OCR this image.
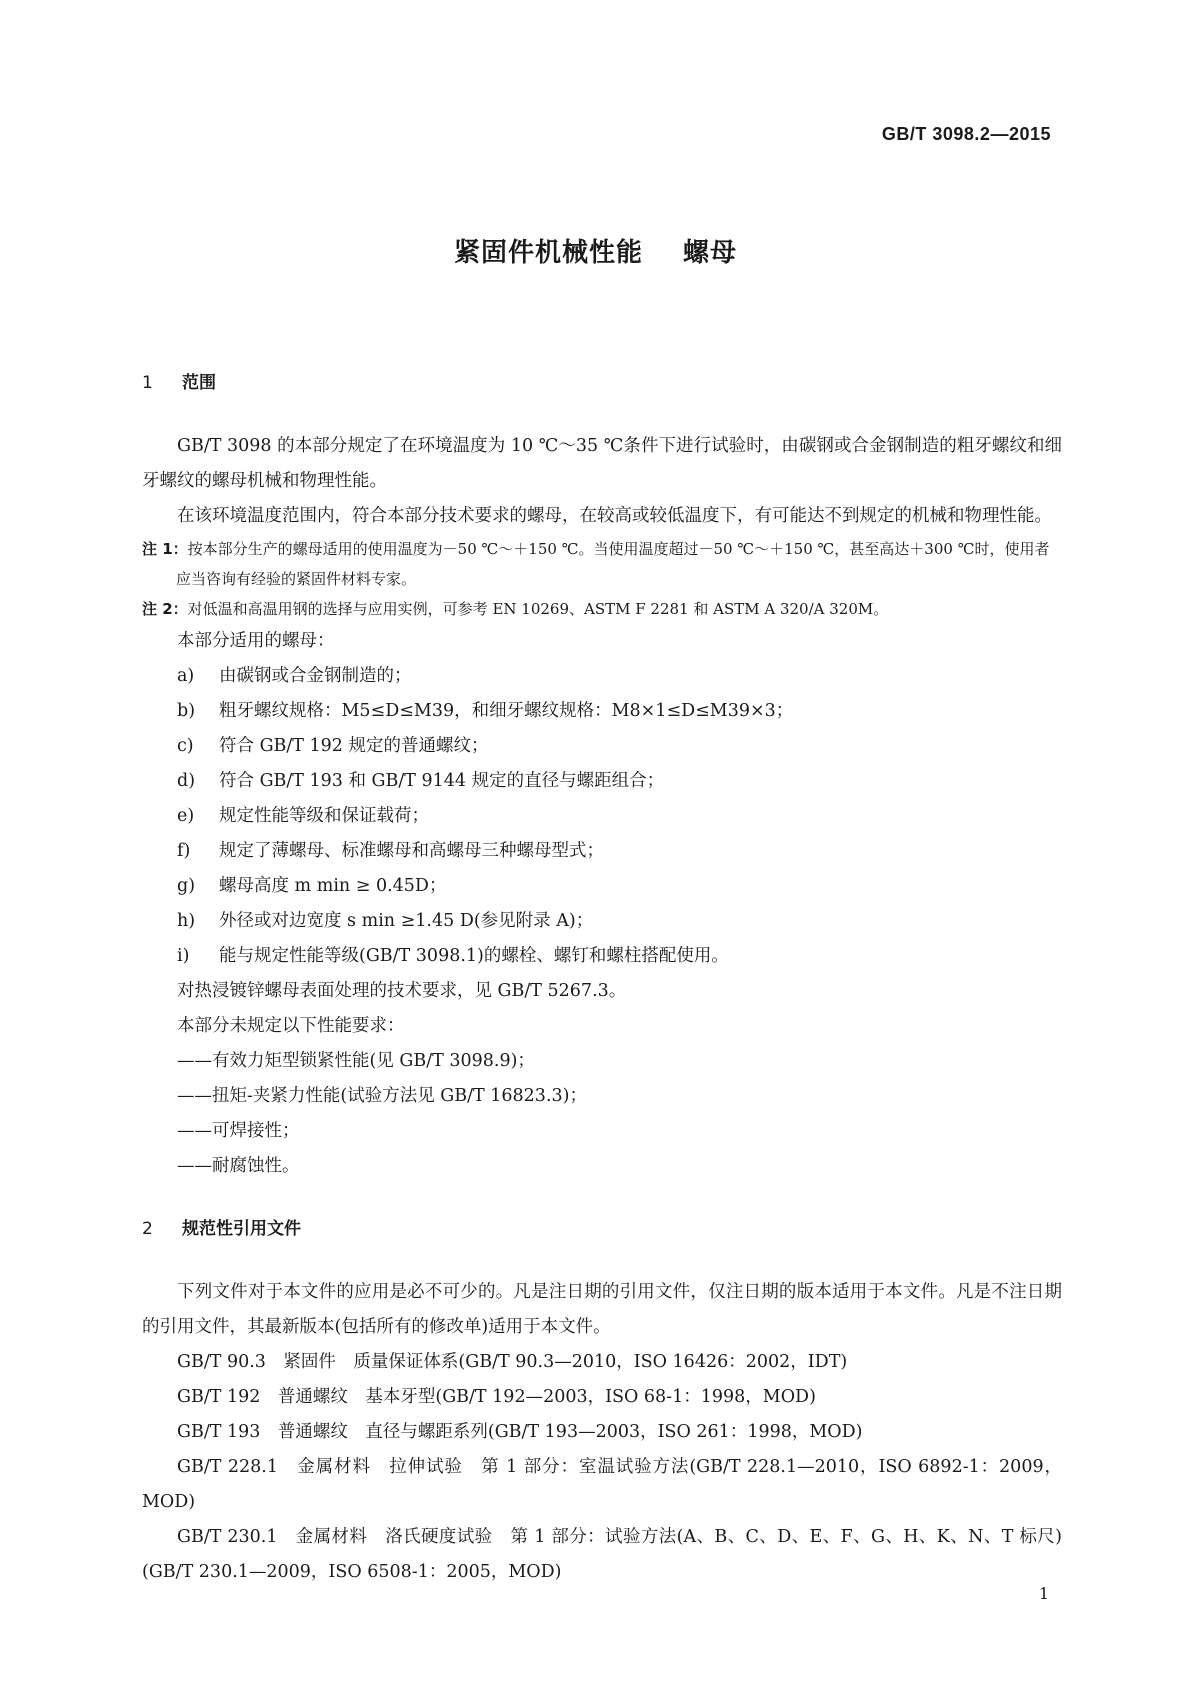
GB/T 3098.2—2015
紧固件机械性能 螺母
1 范围

GB/T 3098 的本部分规定了在环境温度为 10 ℃～35 ℃条件下进行试验时，由碳钢或合金钢制造的粗牙螺纹和细牙螺纹的螺母机械和物理性能。

在该环境温度范围内，符合本部分技术要求的螺母，在较高或较低温度下，有可能达不到规定的机械和物理性能。

注 1：按本部分生产的螺母适用的使用温度为－50 ℃～＋150 ℃。当使用温度超过－50 ℃～＋150 ℃，甚至高达＋300 ℃时，使用者应当咨询有经验的紧固件材料专家。

注 2：对低温和高温用钢的选择与应用实例，可参考 EN 10269、ASTM F 2281 和 ASTM A 320/A 320M。

本部分适用的螺母：

a) 由碳钢或合金钢制造的；

b) 粗牙螺纹规格：M5≤D≤M39，和细牙螺纹规格：M8×1≤D≤M39×3；

c) 符合 GB/T 192 规定的普通螺纹；

d) 符合 GB/T 193 和 GB/T 9144 规定的直径与螺距组合；

e) 规定性能等级和保证载荷；

f) 规定了薄螺母、标准螺母和高螺母三种螺母型式；

g) 螺母高度 m min ≥ 0.45D；

h) 外径或对边宽度 s min ≥1.45 D(参见附录 A)；

i) 能与规定性能等级(GB/T 3098.1)的螺栓、螺钉和螺柱搭配使用。

对热浸镀锌螺母表面处理的技术要求，见 GB/T 5267.3。

本部分未规定以下性能要求：

——有效力矩型锁紧性能(见 GB/T 3098.9)；

——扭矩-夹紧力性能(试验方法见 GB/T 16823.3)；

——可焊接性；

——耐腐蚀性。

2 规范性引用文件

下列文件对于本文件的应用是必不可少的。凡是注日期的引用文件，仅注日期的版本适用于本文件。凡是不注日期的引用文件，其最新版本(包括所有的修改单)适用于本文件。

GB/T 90.3　紧固件　质量保证体系(GB/T 90.3—2010，ISO 16426：2002，IDT)

GB/T 192　普通螺纹　基本牙型(GB/T 192—2003，ISO 68-1：1998，MOD)

GB/T 193　普通螺纹　直径与螺距系列(GB/T 193—2003，ISO 261：1998，MOD)

GB/T 228.1　金属材料　拉伸试验　第 1 部分：室温试验方法(GB/T 228.1—2010，ISO 6892-1：2009，MOD)

GB/T 230.1　金属材料　洛氏硬度试验　第 1 部分：试验方法(A、B、C、D、E、F、G、H、K、N、T 标尺)(GB/T 230.1—2009，ISO 6508-1：2005，MOD)

1
